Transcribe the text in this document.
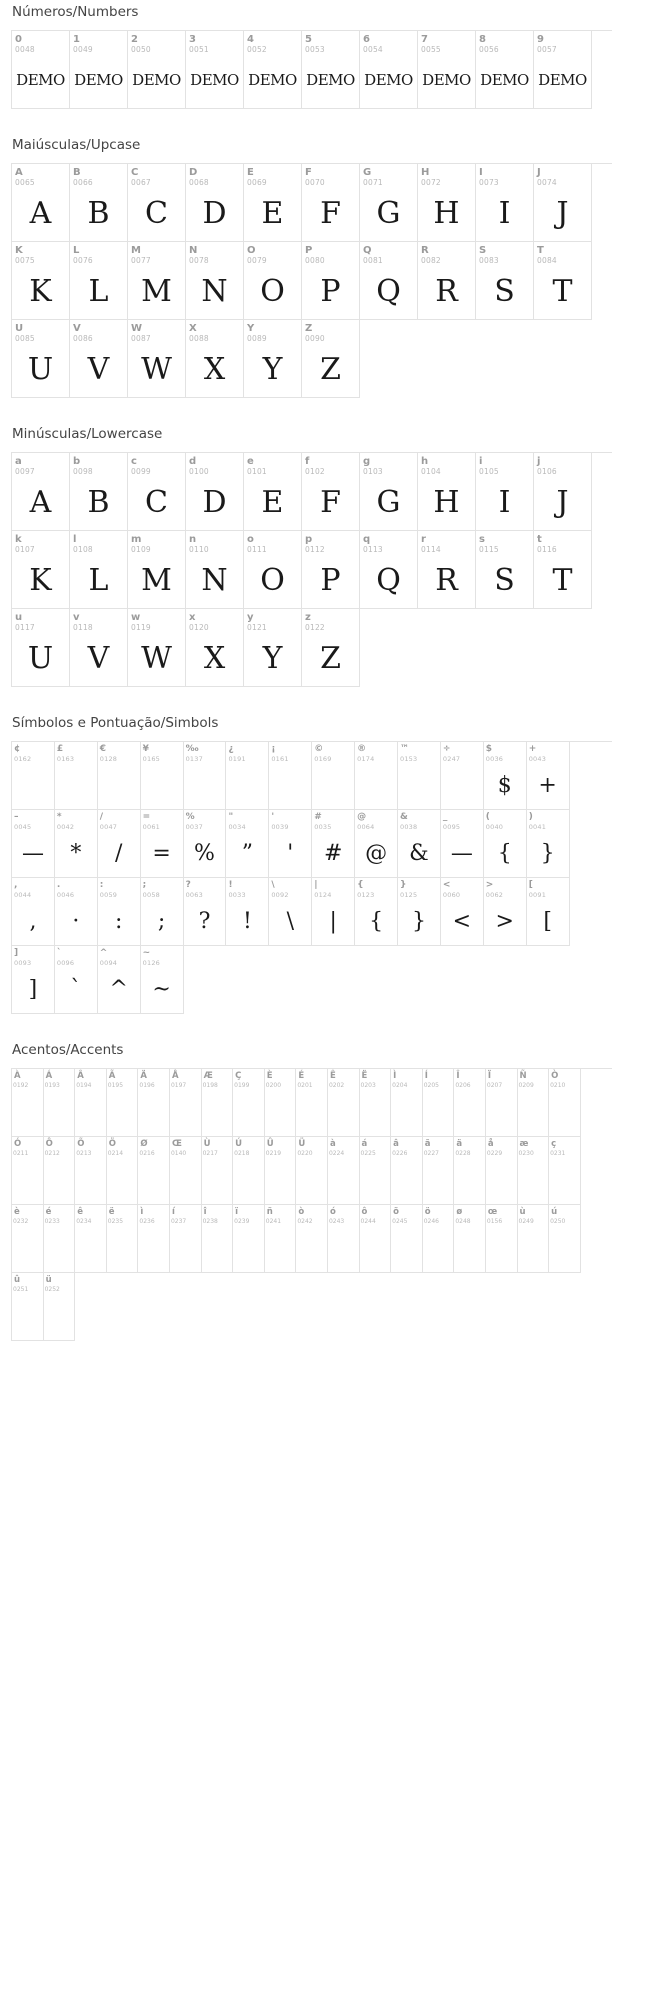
Números/Numbers
0
0048
DEMO
1
0049
DEMO
2
0050
DEMO
3
0051
DEMO
4
0052
DEMO
5
0053
DEMO
6
0054
DEMO
7
0055
DEMO
8
0056
DEMO
9
0057
DEMO
Maiúsculas/Upcase
A
0065
A
B
0066
B
C
0067
C
D
0068
D
E
0069
E
F
0070
F
G
0071
G
H
0072
H
I
0073
I
J
0074
J
K
0075
K
L
0076
L
M
0077
M
N
0078
N
O
0079
O
P
0080
P
Q
0081
Q
R
0082
R
S
0083
S
T
0084
T
U
0085
U
V
0086
V
W
0087
W
X
0088
X
Y
0089
Y
Z
0090
Z
Minúsculas/Lowercase
a
0097
A
b
0098
B
c
0099
C
d
0100
D
e
0101
E
f
0102
F
g
0103
G
h
0104
H
i
0105
I
j
0106
J
k
0107
K
l
0108
L
m
0109
M
n
0110
N
o
0111
O
p
0112
P
q
0113
Q
r
0114
R
s
0115
S
t
0116
T
u
0117
U
v
0118
V
w
0119
W
x
0120
X
y
0121
Y
z
0122
Z
Símbolos e Pontuação/Simbols
¢
0162
£
0163
€
0128
¥
0165
‰
0137
¿
0191
¡
0161
©
0169
®
0174
™
0153
÷
0247
$
0036
$
+
0043
+
–
0045
—
*
0042
*
/
0047
/
=
0061
=
%
0037
%
"
0034
”
'
0039
'
#
0035
#
@
0064
@
&
0038
&
_
0095
—
(
0040
{
)
0041
}
,
0044
,
.
0046
·
:
0059
:
;
0058
;
?
0063
?
!
0033
!
\
0092
\
|
0124
|
{
0123
{
}
0125
}
<
0060
<
>
0062
>
[
0091
[
]
0093
]
`
0096
`
^
0094
^
~
0126
~
Acentos/Accents
À
0192
Á
0193
Â
0194
Ã
0195
Ä
0196
Å
0197
Æ
0198
Ç
0199
È
0200
É
0201
Ê
0202
Ë
0203
Ì
0204
Í
0205
Î
0206
Ï
0207
Ñ
0209
Ò
0210
Ó
0211
Ô
0212
Õ
0213
Ö
0214
Ø
0216
Œ
0140
Ù
0217
Ú
0218
Û
0219
Ü
0220
à
0224
á
0225
â
0226
ã
0227
ä
0228
å
0229
æ
0230
ç
0231
è
0232
é
0233
ê
0234
ë
0235
ì
0236
í
0237
î
0238
ï
0239
ñ
0241
ò
0242
ó
0243
ô
0244
õ
0245
ö
0246
ø
0248
œ
0156
ù
0249
ú
0250
û
0251
ü
0252
